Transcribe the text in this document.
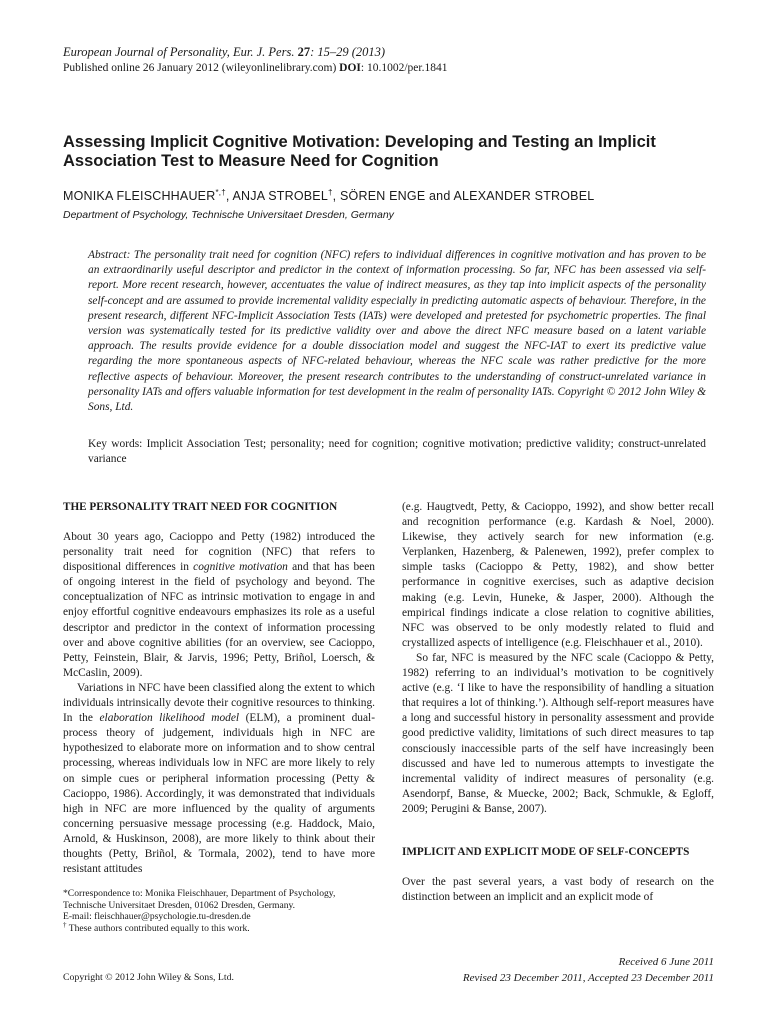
European Journal of Personality, Eur. J. Pers. 27: 15–29 (2013)
Published online 26 January 2012 (wileyonlinelibrary.com) DOI: 10.1002/per.1841
Assessing Implicit Cognitive Motivation: Developing and Testing an Implicit Association Test to Measure Need for Cognition
MONIKA FLEISCHHAUER*,†, ANJA STROBEL†, SÖREN ENGE and ALEXANDER STROBEL
Department of Psychology, Technische Universitaet Dresden, Germany
Abstract: The personality trait need for cognition (NFC) refers to individual differences in cognitive motivation and has proven to be an extraordinarily useful descriptor and predictor in the context of information processing. So far, NFC has been assessed via self-report. More recent research, however, accentuates the value of indirect measures, as they tap into implicit aspects of the personality self-concept and are assumed to provide incremental validity especially in predicting automatic aspects of behaviour. Therefore, in the present research, different NFC-Implicit Association Tests (IATs) were developed and pretested for psychometric properties. The final version was systematically tested for its predictive validity over and above the direct NFC measure based on a latent variable approach. The results provide evidence for a double dissociation model and suggest the NFC-IAT to exert its predictive value regarding the more spontaneous aspects of NFC-related behaviour, whereas the NFC scale was rather predictive for the more reflective aspects of behaviour. Moreover, the present research contributes to the understanding of construct-unrelated variance in personality IATs and offers valuable information for test development in the realm of personality IATs. Copyright © 2012 John Wiley & Sons, Ltd.
Key words: Implicit Association Test; personality; need for cognition; cognitive motivation; predictive validity; construct-unrelated variance
THE PERSONALITY TRAIT NEED FOR COGNITION

About 30 years ago, Cacioppo and Petty (1982) introduced the personality trait need for cognition (NFC) that refers to dispositional differences in cognitive motivation and that has been of ongoing interest in the field of psychology and beyond. The conceptualization of NFC as intrinsic motivation to engage in and enjoy effortful cognitive endeavours emphasizes its role as a useful descriptor and predictor in the context of information processing over and above cognitive abilities (for an overview, see Cacioppo, Petty, Feinstein, Blair, & Jarvis, 1996; Petty, Briñol, Loersch, & McCaslin, 2009).

Variations in NFC have been classified along the extent to which individuals intrinsically devote their cognitive resources to thinking. In the elaboration likelihood model (ELM), a prominent dual-process theory of judgement, individuals high in NFC are hypothesized to elaborate more on information and to show central processing, whereas individuals low in NFC are more likely to rely on simple cues or peripheral information processing (Petty & Cacioppo, 1986). Accordingly, it was demonstrated that individuals high in NFC are more influenced by the quality of arguments concerning persuasive message processing (e.g. Haddock, Maio, Arnold, & Huskinson, 2008), are more likely to think about their thoughts (Petty, Briñol, & Tormala, 2002), tend to have more resistant attitudes

(e.g. Haugtvedt, Petty, & Cacioppo, 1992), and show better recall and recognition performance (e.g. Kardash & Noel, 2000). Likewise, they actively search for new information (e.g. Verplanken, Hazenberg, & Palenewen, 1992), prefer complex to simple tasks (Cacioppo & Petty, 1982), and show better performance in cognitive exercises, such as adaptive decision making (e.g. Levin, Huneke, & Jasper, 2000). Although the empirical findings indicate a close relation to cognitive abilities, NFC was observed to be only modestly related to fluid and crystallized aspects of intelligence (e.g. Fleischhauer et al., 2010).

So far, NFC is measured by the NFC scale (Cacioppo & Petty, 1982) referring to an individual’s motivation to be cognitively active (e.g. ‘I like to have the responsibility of handling a situation that requires a lot of thinking.’). Although self-report measures have a long and successful history in personality assessment and provide good predictive validity, limitations of such direct measures to tap consciously inaccessible parts of the self have increasingly been discussed and have led to numerous attempts to investigate the incremental validity of indirect measures of personality (e.g. Asendorpf, Banse, & Muecke, 2002; Back, Schmukle, & Egloff, 2009; Perugini & Banse, 2007).

IMPLICIT AND EXPLICIT MODE OF SELF-CONCEPTS

Over the past several years, a vast body of research on the distinction between an implicit and an explicit mode of

*Correspondence to: Monika Fleischhauer, Department of Psychology, Technische Universitaet Dresden, 01062 Dresden, Germany.
E-mail: fleischhauer@psychologie.tu-dresden.de
† These authors contributed equally to this work.
Copyright © 2012 John Wiley & Sons, Ltd.
Received 6 June 2011
Revised 23 December 2011, Accepted 23 December 2011
